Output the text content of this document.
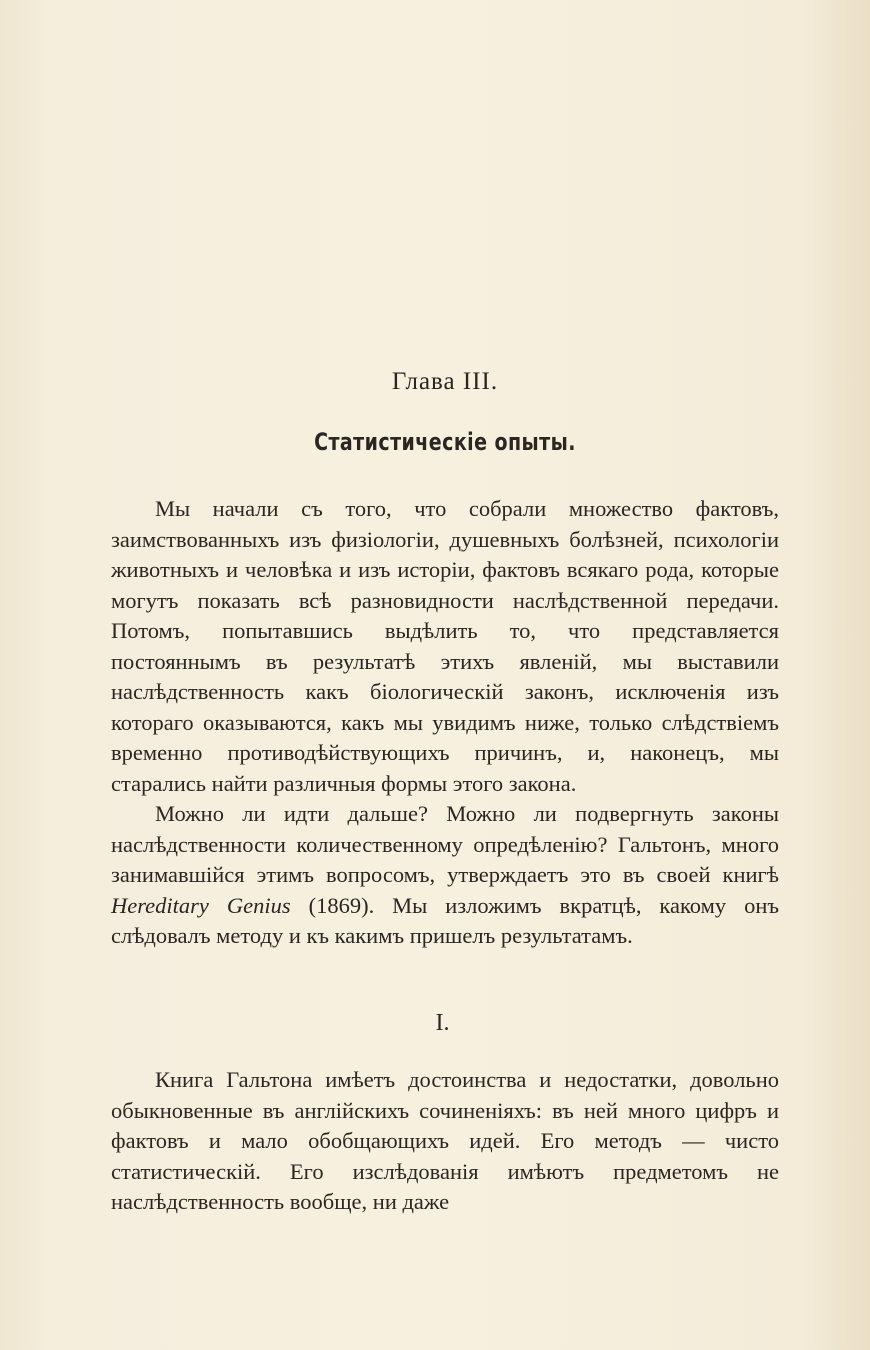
Глава III.
Статистическiе опыты.

Мы начали съ того, что собрали множество фактовъ, заимствованныхъ изъ физiологiи, душевныхъ болѣзней, психологiи животныхъ и человѣка и изъ исторiи, фактовъ всякаго рода, которые могутъ показать всѣ разновидности наслѣдственной передачи. Потомъ, попытавшись выдѣлить то, что представляется постояннымъ въ результатѣ этихъ явленiй, мы выставили наслѣдственность какъ бiологическiй законъ, исключенiя изъ котораго оказываются, какъ мы увидимъ ниже, только слѣдствiемъ временно противодѣйствующихъ причинъ, и, наконецъ, мы старались найти различныя формы этого закона.

Можно ли идти дальше? Можно ли подвергнуть законы наслѣдственности количественному опредѣленiю? Гальтонъ, много занимавшiйся этимъ вопросомъ, утверждаетъ это въ своей книгѣ Hereditary Genius (1869). Мы изложимъ вкратцѣ, какому онъ слѣдовалъ методу и къ какимъ пришелъ результатамъ.

I.

Книга Гальтона имѣетъ достоинства и недостатки, довольно обыкновенные въ англiйскихъ сочиненiяхъ: въ ней много цифръ и фактовъ и мало обобщающихъ идей. Его методъ — чисто статистическiй. Его изслѣдованiя имѣютъ предметомъ не наслѣдственность вообще, ни даже
